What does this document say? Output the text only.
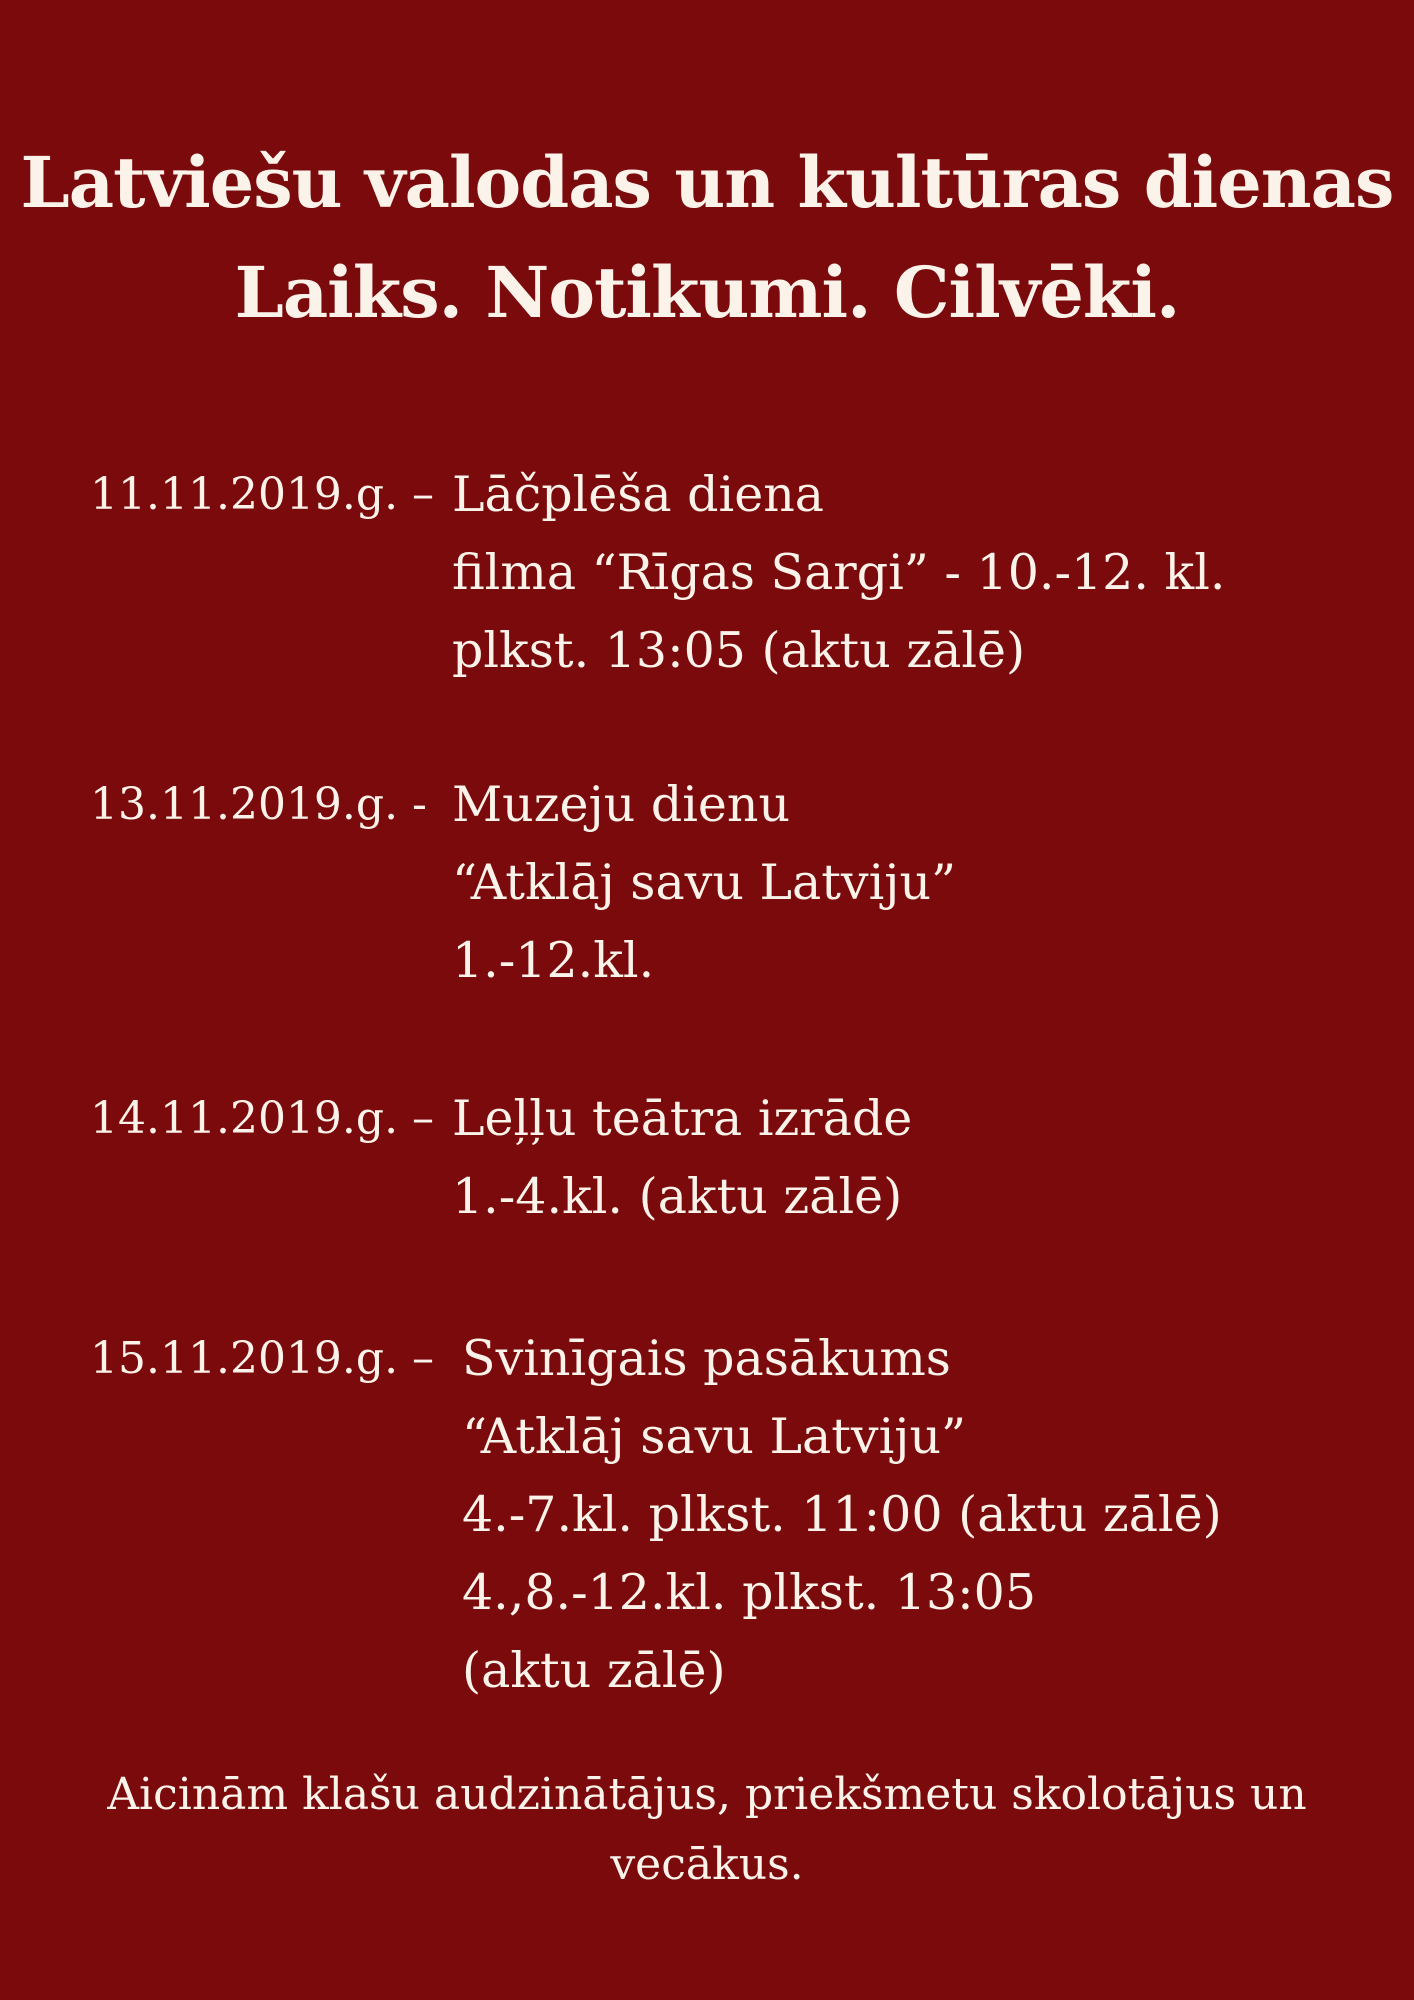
Latviešu valodas un kultūras dienas
Laiks. Notikumi. Cilvēki.
11.11.2019.g. – Lāčplēša diena
filma “Rīgas Sargi” - 10.-12. kl.
plkst. 13:05 (aktu zālē)
13.11.2019.g. - Muzeju dienu
“Atklāj savu Latviju”
1.-12.kl.
14.11.2019.g. – Leļļu teātra izrāde
1.-4.kl. (aktu zālē)
15.11.2019.g. – Svinīgais pasākums
“Atklāj savu Latviju”
4.-7.kl. plkst. 11:00 (aktu zālē)
4.,8.-12.kl. plkst. 13:05
(aktu zālē)
Aicinām klašu audzinātājus, priekšmetu skolotājus un
vecākus.
